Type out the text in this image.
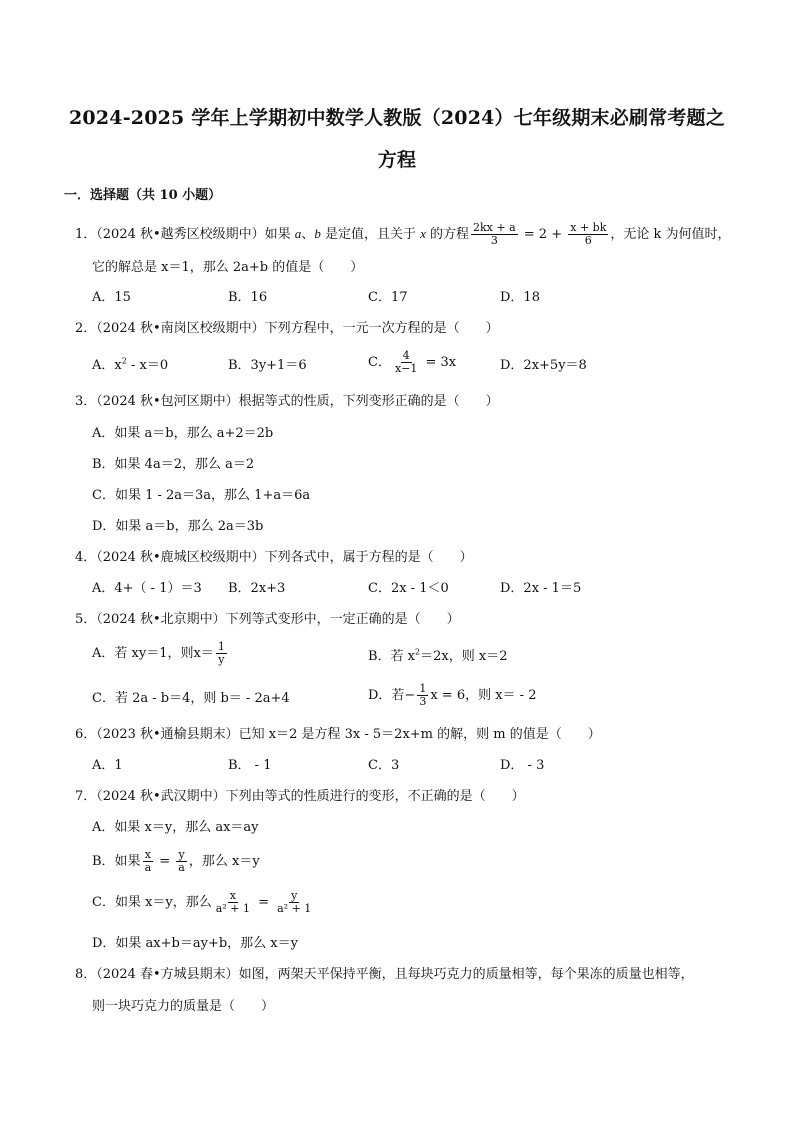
2024-2025 学年上学期初中数学人教版（2024）七年级期末必刷常考题之
方程
一．选择题（共 10 小题）
1．（2024 秋•越秀区校级期中）如果 a、b 是定值，且关于 x 的方程 $\frac{2kx + a}{3} = 2 + \frac{x + bk}{6}$ ，无论 k 为何值时，
它的解总是 x＝1，那么 2a+b 的值是（　　）
A．15	B．16	C．17	D．18
2．（2024 秋•南岗区校级期中）下列方程中，一元一次方程的是（　　）
A．$x^2 - x=0$	B．3y+1＝6	C． $\frac{4}{x-1} = 3x$	D．2x+5y＝8
3．（2024 秋•包河区期中）根据等式的性质，下列变形正确的是（　　）
A．如果 a＝b，那么 a+2＝2b
B．如果 4a＝2，那么 a＝2
C．如果 1 - 2a＝3a，那么 1+a＝6a
D．如果 a＝b，那么 2a＝3b
4．（2024 秋•鹿城区校级期中）下列各式中，属于方程的是（　　）
A．4+（ - 1）＝3 B．2x+3	C．2x - 1＜0	D．2x - 1＝5
5．（2024 秋•北京期中）下列等式变形中，一定正确的是（　　）
A．若 xy＝1，则$x= \frac{1}{y}$	B．若 $x^2=2x$，则 x＝2
C．若 2a - b＝4，则 b＝ - 2a+4	D．若− $\frac{1}{3}$ x = 6，则 x＝ - 2
6．（2023 秋•通榆县期末）已知 x＝2 是方程 3x - 5＝2x+m 的解，则 m 的值是（　　）
A．1	B． - 1	C．3	D． - 3
7．（2024 秋•武汉期中）下列由等式的性质进行的变形，不正确的是（　　）
A．如果 x＝y，那么 ax＝ay
B．如果 $\frac{x}{a} = \frac{y}{a}$ ，那么 x＝y
C．如果 x＝y，那么 $\frac{x}{\text{a² + 1}} = \frac{y}{\text{a² + 1}}$
D．如果 ax+b＝ay+b，那么 x＝y
8．（2024 春•方城县期末）如图，两架天平保持平衡，且每块巧克力的质量相等，每个果冻的质量也相等，
则一块巧克力的质量是（　　）
